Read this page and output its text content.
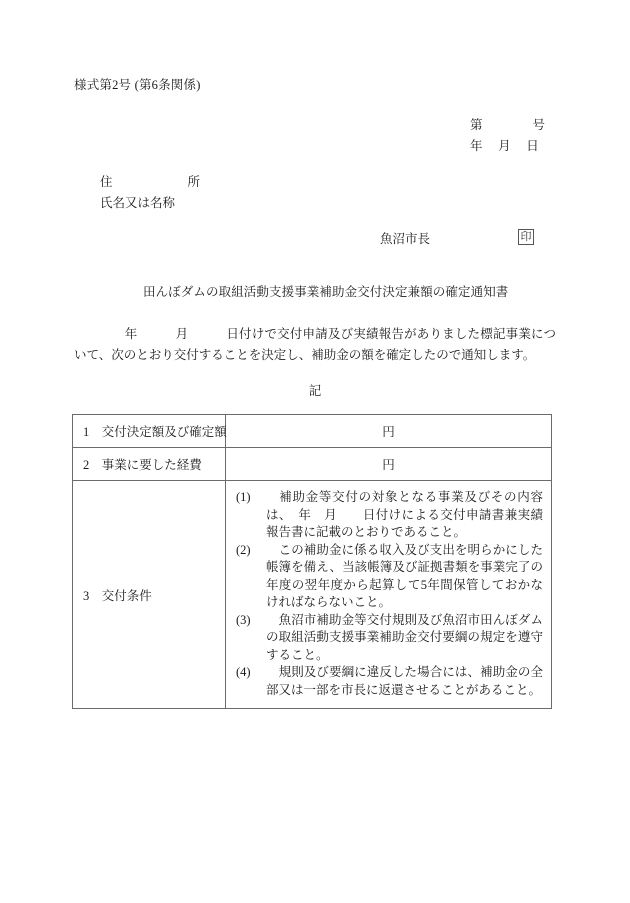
様式第2号 (第6条関係)
第　　　　号
年　 月　 日
住　　　　　　所
氏名又は名称
魚沼市長	印
田んぼダムの取組活動支援事業補助金交付決定兼額の確定通知書
　　　　年　　　月　　　日付けで交付申請及び実績報告がありました標記事業について、次のとおり交付することを決定し、補助金の額を確定したので通知します。
記
1　交付決定額及び確定額	円

2　事業に要した経費	円

3　交付条件

(1)	　補助金等交付の対象となる事業及びその内容は、　年　月　　日付けによる交付申請書兼実績報告書に記載のとおりであること。
(2)	　この補助金に係る収入及び支出を明らかにした帳簿を備え、当該帳簿及び証拠書類を事業完了の年度の翌年度から起算して5年間保管しておかなければならないこと。
(3)	　魚沼市補助金等交付規則及び魚沼市田んぼダムの取組活動支援事業補助金交付要綱の規定を遵守すること。
(4)	　規則及び要綱に違反した場合には、補助金の全部又は一部を市長に返還させることがあること。
